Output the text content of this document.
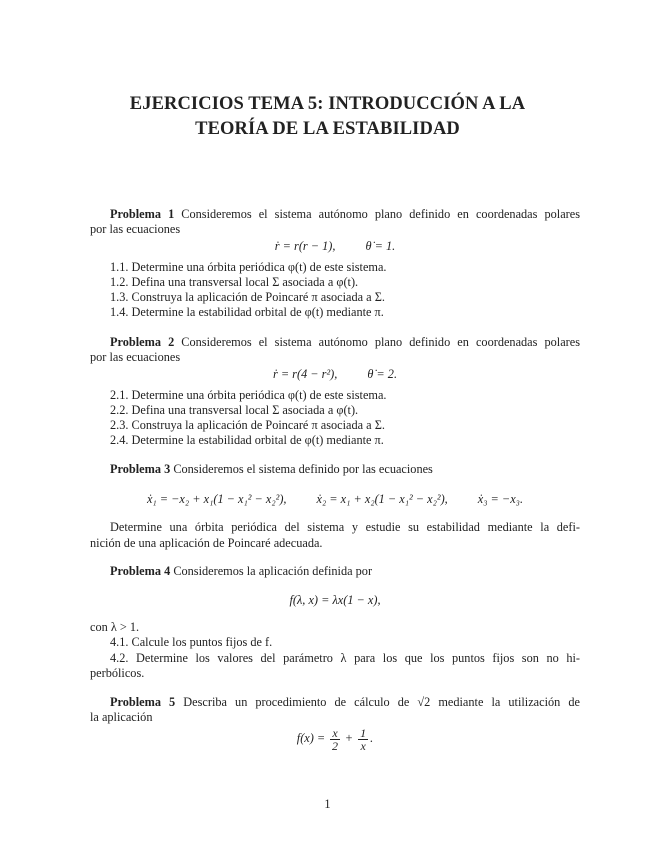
EJERCICIOS TEMA 5: INTRODUCCIÓN A LA
TEORÍA DE LA ESTABILIDAD
Problema 1 Consideremos el sistema autónomo plano definido en coordenadas polares
por las ecuaciones
ṙ = r(r − 1), θ̇ = 1.
1.1. Determine una órbita periódica φ(t) de este sistema.
1.2. Defina una transversal local Σ asociada a φ(t).
1.3. Construya la aplicación de Poincaré π asociada a Σ.
1.4. Determine la estabilidad orbital de φ(t) mediante π.
Problema 2 Consideremos el sistema autónomo plano definido en coordenadas polares
por las ecuaciones
ṙ = r(4 − r²), θ̇ = 2.
2.1. Determine una órbita periódica φ(t) de este sistema.
2.2. Defina una transversal local Σ asociada a φ(t).
2.3. Construya la aplicación de Poincaré π asociada a Σ.
2.4. Determine la estabilidad orbital de φ(t) mediante π.
Problema 3 Consideremos el sistema definido por las ecuaciones
ẋ₁ = −x₂ + x₁(1 − x₁² − x₂²), ẋ₂ = x₁ + x₂(1 − x₁² − x₂²), ẋ₃ = −x₃.
Determine una órbita periódica del sistema y estudie su estabilidad mediante la defi-
nición de una aplicación de Poincaré adecuada.
Problema 4 Consideremos la aplicación definida por
f(λ, x) = λx(1 − x),
con λ > 1.
4.1. Calcule los puntos fijos de f.
4.2. Determine los valores del parámetro λ para los que los puntos fijos son no hi-
perbólicos.
Problema 5 Describa un procedimiento de cálculo de √2 mediante la utilización de
la aplicación
$f(x) = \frac{x}{2} + \frac{1}{x}$ .
1
